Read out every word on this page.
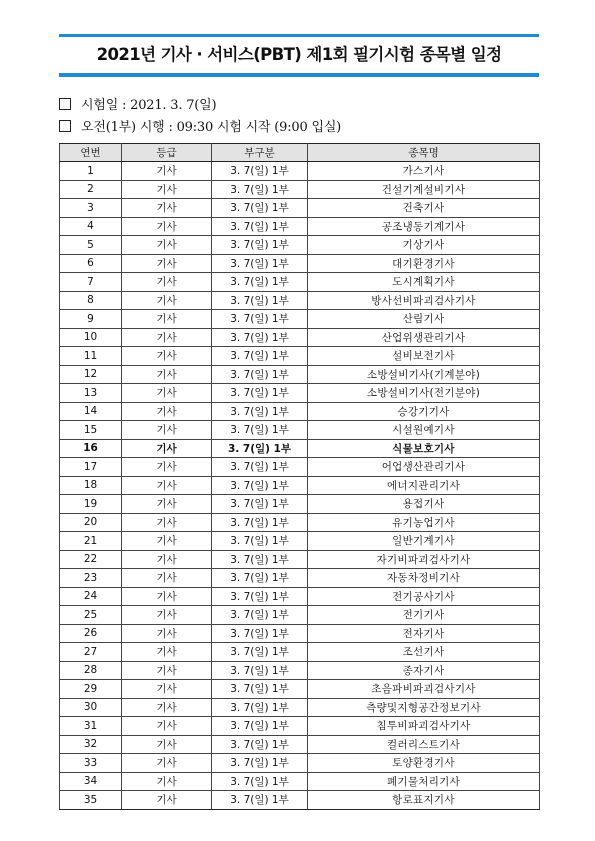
2021년 기사 · 서비스(PBT) 제1회 필기시험 종목별 일정
시험일 : 2021. 3. 7(일)
오전(1부) 시행 : 09:30 시험 시작 (9:00 입실)
연번	등급	부구분	종목명
1	기사	3. 7(일) 1부	가스기사
2	기사	3. 7(일) 1부	건설기계설비기사
3	기사	3. 7(일) 1부	건축기사
4	기사	3. 7(일) 1부	공조냉동기계기사
5	기사	3. 7(일) 1부	기상기사
6	기사	3. 7(일) 1부	대기환경기사
7	기사	3. 7(일) 1부	도시계획기사
8	기사	3. 7(일) 1부	방사선비파괴검사기사
9	기사	3. 7(일) 1부	산림기사
10	기사	3. 7(일) 1부	산업위생관리기사
11	기사	3. 7(일) 1부	설비보전기사
12	기사	3. 7(일) 1부	소방설비기사(기계분야)
13	기사	3. 7(일) 1부	소방설비기사(전기분야)
14	기사	3. 7(일) 1부	승강기기사
15	기사	3. 7(일) 1부	시설원예기사
16	기사	3. 7(일) 1부	식물보호기사
17	기사	3. 7(일) 1부	어업생산관리기사
18	기사	3. 7(일) 1부	에너지관리기사
19	기사	3. 7(일) 1부	용접기사
20	기사	3. 7(일) 1부	유기농업기사
21	기사	3. 7(일) 1부	일반기계기사
22	기사	3. 7(일) 1부	자기비파괴검사기사
23	기사	3. 7(일) 1부	자동차정비기사
24	기사	3. 7(일) 1부	전기공사기사
25	기사	3. 7(일) 1부	전기기사
26	기사	3. 7(일) 1부	전자기사
27	기사	3. 7(일) 1부	조선기사
28	기사	3. 7(일) 1부	종자기사
29	기사	3. 7(일) 1부	초음파비파괴검사기사
30	기사	3. 7(일) 1부	측량및지형공간정보기사
31	기사	3. 7(일) 1부	침투비파괴검사기사
32	기사	3. 7(일) 1부	컬러리스트기사
33	기사	3. 7(일) 1부	토양환경기사
34	기사	3. 7(일) 1부	폐기물처리기사
35	기사	3. 7(일) 1부	항로표지기사
